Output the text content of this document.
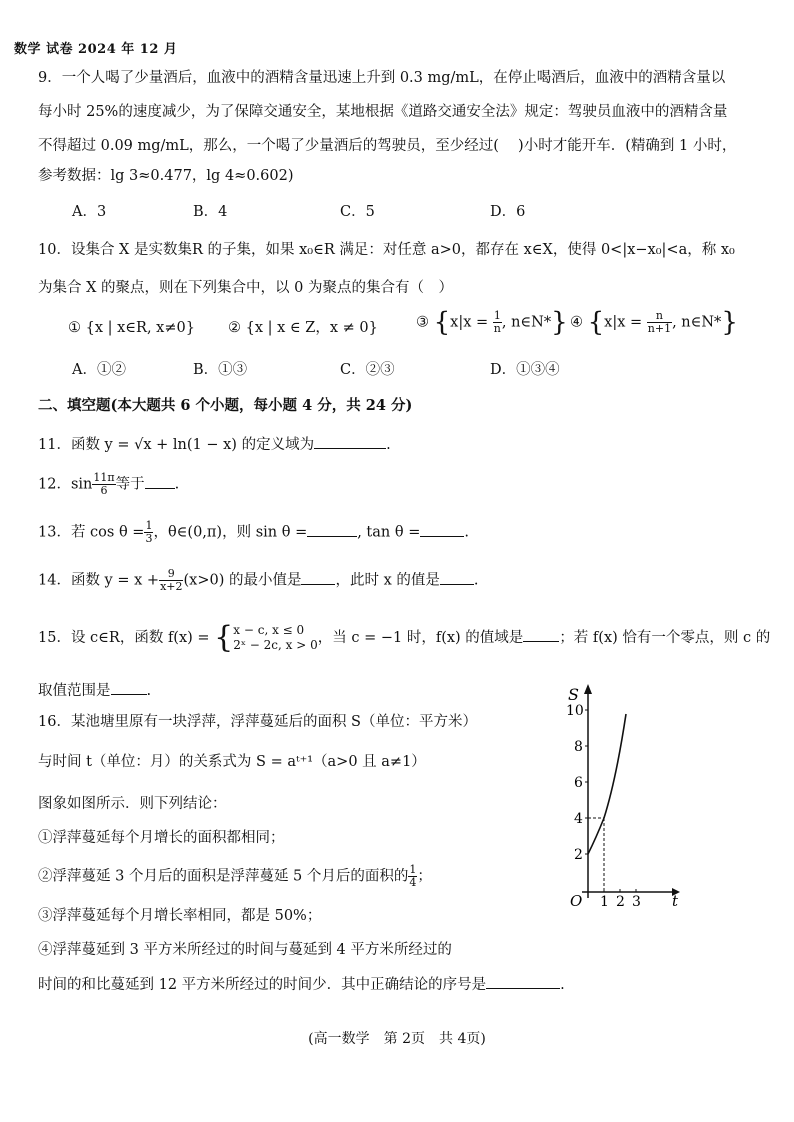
数学 试卷 2024 年 12 月
9．一个人喝了少量酒后，血液中的酒精含量迅速上升到 0.3 mg/mL，在停止喝酒后，血液中的酒精含量以
每小时 25%的速度减少，为了保障交通安全，某地根据《道路交通安全法》规定：驾驶员血液中的酒精含量
不得超过 0.09 mg/mL，那么，一个喝了少量酒后的驾驶员，至少经过(　 )小时才能开车．(精确到 1 小时，
参考数据：lg 3≈0.477，lg 4≈0.602)
A．3	B．4	C．5	D．6
10．设集合 X 是实数集R 的子集，如果 x₀∈R 满足：对任意 a>0，都存在 x∈X，使得 0<|x−x₀|<a，称 x₀
为集合 X 的聚点，则在下列集合中，以 0 为聚点的集合有（　）
① {x | x∈R, x≠0} ② {x | x ∈ Z，x ≠ 0}	③ {$x|x = \frac{1}{n}$ , n∈N*} ④ {$x|x = \frac{n}{n+1}$ , n∈N*}
A．①②	B．①③	C．②③	D．①③④
二、填空题(本大题共 6 个小题，每小题 4 分，共 24 分)
11．函数 y = √x + ln(1 − x) 的定义域为	.
12．$\sin \frac{11\pi}{6}$ 等于 .
13．若 $\cos \theta = \frac{1}{3}$ ，θ∈(0,π)，则 sin θ =	, tan θ =	.
14．函数 $y = x + \frac{9}{x+2} (x>0)$ 的最小值是 ，此时 x 的值是 .
15．设 c∈R，函数 f(x) = { x − c, x ≤ 0
2ˣ − 2c, x > 0 ，当 c = −1 时，f(x) 的值域是 ；若 f(x) 恰有一个零点，则 c 的
取值范围是 .
16．某池塘里原有一块浮萍，浮萍蔓延后的面积 S（单位：平方米）
与时间 t（单位：月）的关系式为 S = aᵗ⁺¹（a>0 且 a≠1）
图象如图所示．则下列结论：
①浮萍蔓延每个月增长的面积都相同；
②浮萍蔓延 3 个月后的面积是浮萍蔓延 5 个月后的面积的 $\frac{1}{4}$ ；
③浮萍蔓延每个月增长率相同，都是 50%；
④浮萍蔓延到 3 平方米所经过的时间与蔓延到 4 平方米所经过的
时间的和比蔓延到 12 平方米所经过的时间少．其中正确结论的序号是	.
S
t
O
2
4
6
8
10
1 2 3
(高一数学　第 2页　共 4页)
